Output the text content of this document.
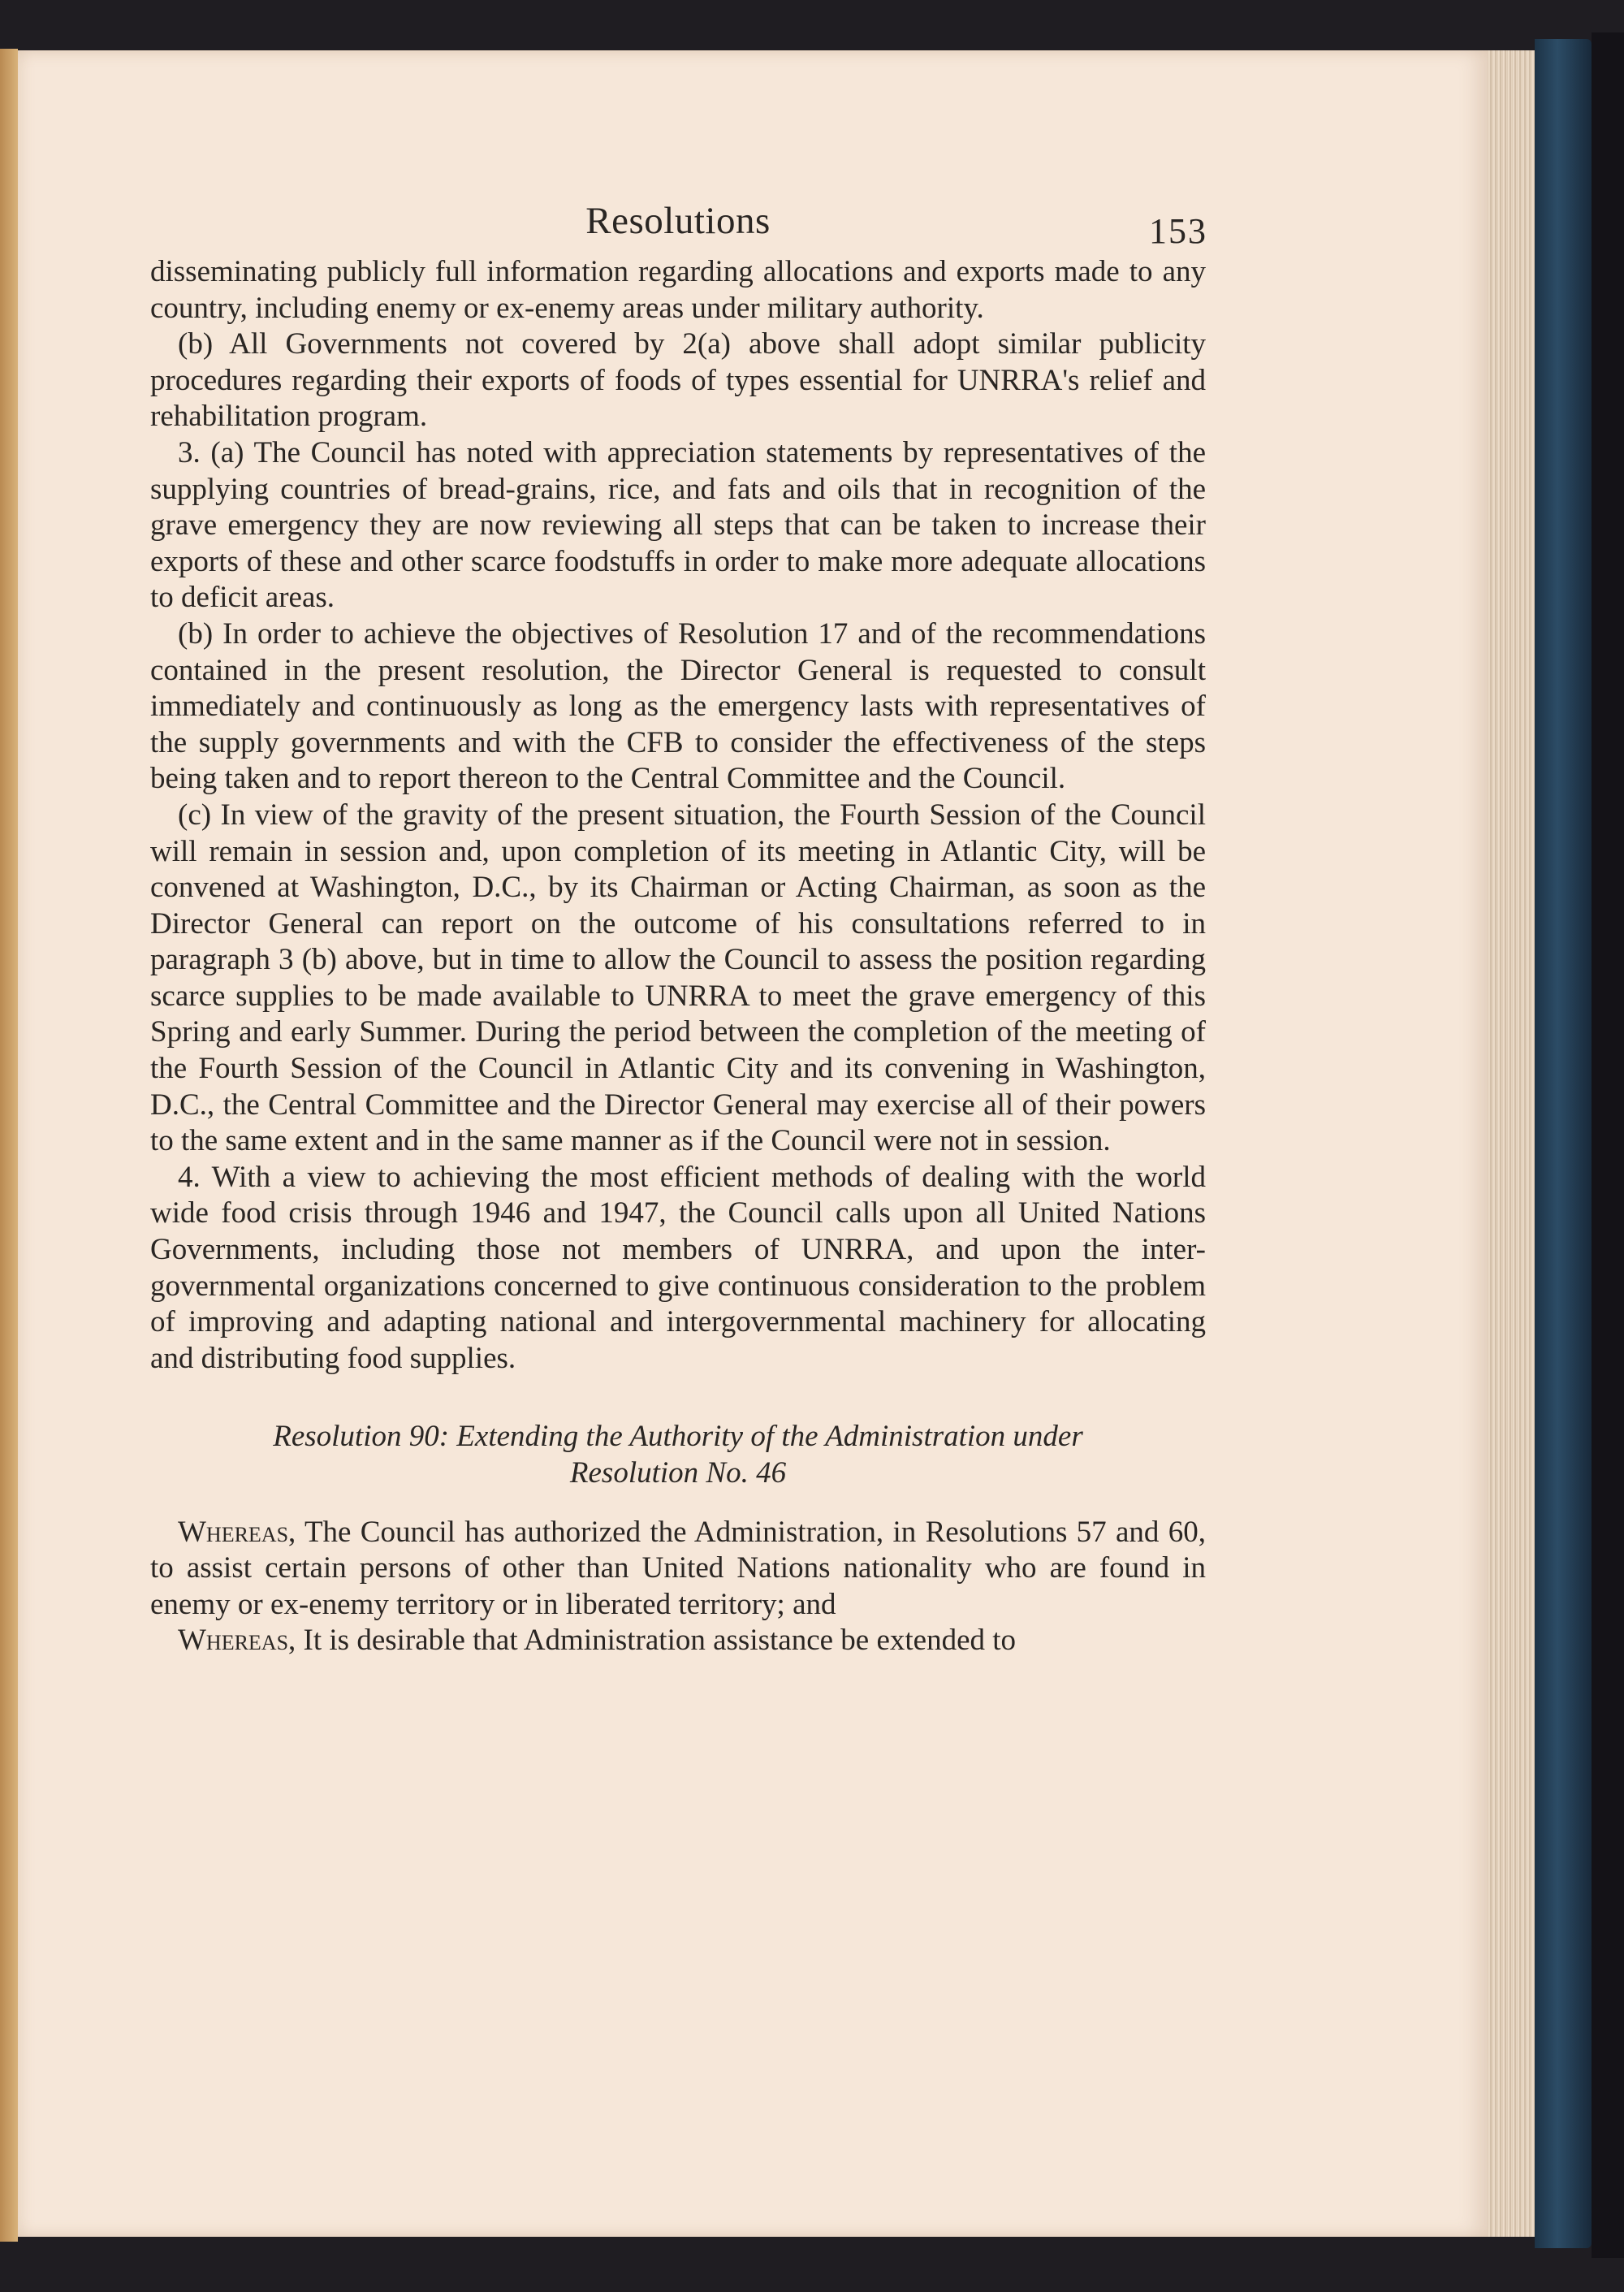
Resolutions	153

disseminating publicly full information regarding allocations and exports made to any country, including enemy or ex-enemy areas under military authority.

(b) All Governments not covered by 2(a) above shall adopt similar publicity procedures regarding their exports of foods of types essential for UNRRA's relief and rehabilitation program.

3. (a) The Council has noted with appreciation statements by representatives of the supplying countries of bread-grains, rice, and fats and oils that in recognition of the grave emergency they are now reviewing all steps that can be taken to increase their exports of these and other scarce foodstuffs in order to make more adequate allocations to deficit areas.

(b) In order to achieve the objectives of Resolution 17 and of the recommendations contained in the present resolution, the Director General is requested to consult immediately and continuously as long as the emergency lasts with representatives of the supply governments and with the CFB to consider the effectiveness of the steps being taken and to report thereon to the Central Committee and the Council.

(c) In view of the gravity of the present situation, the Fourth Session of the Council will remain in session and, upon completion of its meeting in Atlantic City, will be convened at Washington, D.C., by its Chairman or Acting Chairman, as soon as the Director General can report on the outcome of his consultations referred to in paragraph 3 (b) above, but in time to allow the Council to assess the position regarding scarce supplies to be made available to UNRRA to meet the grave emergency of this Spring and early Summer. During the period between the completion of the meeting of the Fourth Session of the Council in Atlantic City and its convening in Washington, D.C., the Central Committee and the Director General may exercise all of their powers to the same extent and in the same manner as if the Council were not in session.

4. With a view to achieving the most efficient methods of dealing with the world wide food crisis through 1946 and 1947, the Council calls upon all United Nations Governments, including those not members of UNRRA, and upon the inter-governmental organizations concerned to give continuous consideration to the problem of improving and adapting national and intergovernmental machinery for allocating and distributing food supplies.

Resolution 90: Extending the Authority of the Administration under
Resolution No. 46

Whereas, The Council has authorized the Administration, in Resolutions 57 and 60, to assist certain persons of other than United Nations nationality who are found in enemy or ex-enemy territory or in liberated territory; and

Whereas, It is desirable that Administration assistance be extended to
